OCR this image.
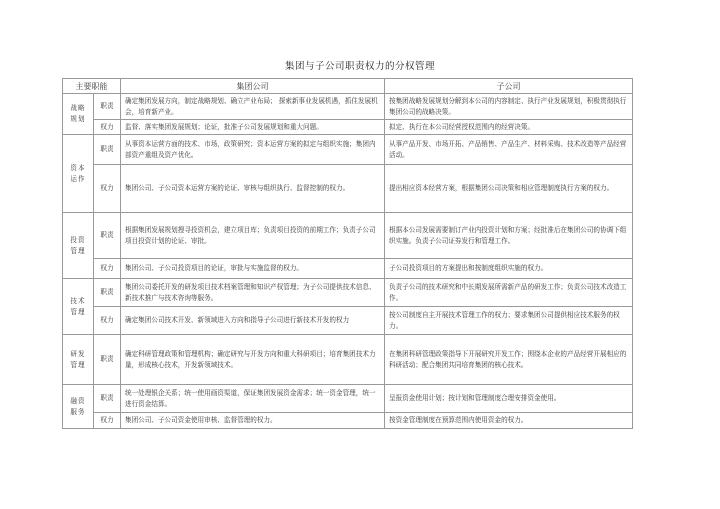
集团与子公司职责权力的分权管理
主要职能		集团公司	子公司
战略规划	职责	确定集团发展方向，制定战略规划、确立产业布局； 探索新事业发展机遇，抓住发展机会，培育新产业。	按集团战略发展规划分解到本公司的内容制定、执行产业发展规划，积极贯彻执行集团公司的战略决策。
	权力	监督、落实集团发展规划；论证，批准子公司发展规划和重大问题。	拟定、执行在本公司经营授权范围内的经营决策。
资本运作	职责	从事资本运营方面的技术、市场，政策研究；资本运营方案的拟定与组织实施；集团内部资产重组及资产优化。	从事产品开发、市场开拓、产品销售、产品生产、材料采购、技术改造等产品经营活动。
	权力	集团公司、子公司资本运营方案的论证、审核与组织执行、监督控制的权力。	提出相应资本经营方案，根据集团公司决策和相应管理制度执行方案的权力。
投资管理	职责	根据集团发展规划搜寻投资机会，建立项目库；负责项目投资的前期工作；负责子公司项目投资计划的论证、审批。	根据本公司发展需要制订产业内投资计划和方案；经批准后在集团公司的协调下组织实施。负责子公司证券发行和管理工作。
	权力	集团公司、子公司投资项目的论证，审批与实施监督的权力。	子公司投资项目的方案提出和按制度组织实施的权力。
技术管理	职责	集团公司委托开发的研发项目技术档案管理和知识产权管理；为子公司提供技术信息、新技术推广与技术咨询等服务。	负责子公司的技术研究和中长期发展所需新产品的研发工作；负责公司技术改造工作。
	权力	确定集团公司技术开发、新领域进入方向和指导子公司进行新技术开发的权力	按公司制度自主开展技术管理工作的权力；要求集团公司提供相应技术服务的权力。
研发管理	职责	确定科研管理政策和管理机构；确定研究与开发方向和重大科研项目；培育集团技术力量，形成核心技术，开发新领域技术。	在集团科研管理政策指导下开展研究开发工作；围绕本企业的产品经营开展相应的科研活动；配合集团共同培育集团的核心技术。
融资服务	职责	统一处理银企关系；统一使用画资渠道，保证集团发展资金需求；统一资金管理，统一进行资金结算。	呈报资金使用计划；按计划和管理制度合理安排资金使用。
	权力	集团公司、子公司资金使用审核、监督管理的权力。	按资金管理制度在预算范围内使用资金的权力。
